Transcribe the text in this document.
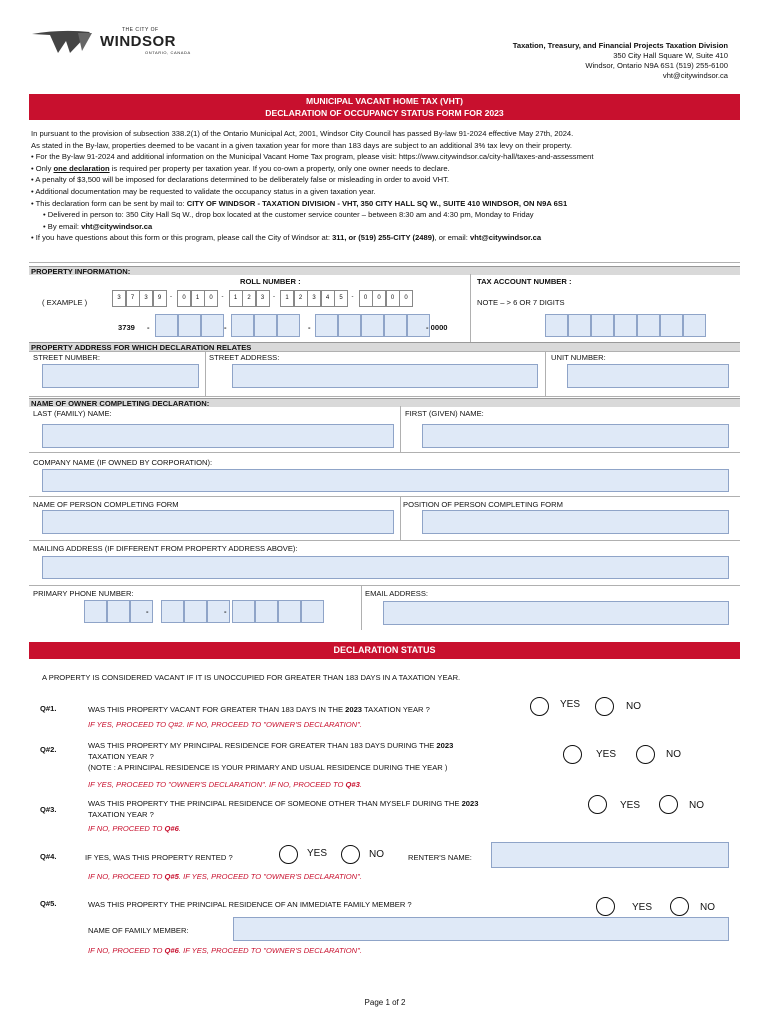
THE CITY OF
WINDSOR
ONTARIO, CANADA
Taxation, Treasury, and Financial Projects Taxation Division
350 City Hall Square W, Suite 410
Windsor, Ontario N9A 6S1 (519) 255-6100
vht@citywindsor.ca
MUNICIPAL VACANT HOME TAX (VHT)
DECLARATION OF OCCUPANCY STATUS FORM FOR 2023
In pursuant to the provision of subsection 338.2(1) of the Ontario Municipal Act, 2001, Windsor City Council has passed By-law 91-2024 effective May 27th, 2024.
As stated in the By-law, properties deemed to be vacant in a given taxation year for more than 183 days are subject to an additional 3% tax levy on their property.
• For the By-law 91-2024 and additional information on the Municipal Vacant Home Tax program, please visit: https://www.citywindsor.ca/city-hall/taxes-and-assessment
• Only one declaration is required per property per taxation year. If you co-own a property, only one owner needs to declare.
• A penalty of $3,500 will be imposed for declarations determined to be deliberately false or misleading in order to avoid VHT.
• Additional documentation may be requested to validate the occupancy status in a given taxation year.
• This declaration form can be sent by mail to: CITY OF WINDSOR - TAXATION DIVISION - VHT, 350 CITY HALL SQ W., SUITE 410 WINDSOR, ON N9A 6S1
• Delivered in person to: 350 City Hall Sq W., drop box located at the customer service counter – between 8:30 am and 4:30 pm, Monday to Friday
• By email: vht@citywindsor.ca
• If you have questions about this form or this program, please call the City of Windsor at: 311, or (519) 255-CITY (2489), or email: vht@citywindsor.ca
PROPERTY INFORMATION:
ROLL NUMBER :	TAX ACCOUNT NUMBER :
( EXAMPLE )	3	7	3	9	-	0	1	0	-	1	2	3	-	1	2	3	4	5	-	0	0	0	0	NOTE – > 6 OR 7 DIGITS
3739 -	-	-	- 0000
PROPERTY ADDRESS FOR WHICH DECLARATION RELATES
STREET NUMBER:	STREET ADDRESS:	UNIT NUMBER:
NAME OF OWNER COMPLETING DECLARATION:
LAST (FAMILY) NAME:	FIRST (GIVEN) NAME:
COMPANY NAME (IF OWNED BY CORPORATION):
NAME OF PERSON COMPLETING FORM	POSITION OF PERSON COMPLETING FORM
MAILING ADDRESS (IF DIFFERENT FROM PROPERTY ADDRESS ABOVE):
PRIMARY PHONE NUMBER:	EMAIL ADDRESS:
-	-
DECLARATION STATUS
A PROPERTY IS CONSIDERED VACANT IF IT IS UNOCCUPIED FOR GREATER THAN 183 DAYS IN A TAXATION YEAR.
Q#1.	WAS THIS PROPERTY VACANT FOR GREATER THAN 183 DAYS IN THE 2023 TAXATION YEAR ?	YES	NO
IF YES, PROCEED TO Q#2. IF NO, PROCEED TO "OWNER'S DECLARATION".
Q#2.	WAS THIS PROPERTY MY PRINCIPAL RESIDENCE FOR GREATER THAN 183 DAYS DURING THE 2023
TAXATION YEAR ?
(NOTE : A PRINCIPAL RESIDENCE IS YOUR PRIMARY AND USUAL RESIDENCE DURING THE YEAR )
YES	NO
IF YES, PROCEED TO "OWNER'S DECLARATION". IF NO, PROCEED TO Q#3.
Q#3.
WAS THIS PROPERTY THE PRINCIPAL RESIDENCE OF SOMEONE OTHER THAN MYSELF DURING THE 2023
TAXATION YEAR ?
YES	NO
IF NO, PROCEED TO Q#6.
Q#4.	IF YES, WAS THIS PROPERTY RENTED ?	YES	NO	RENTER'S NAME:
IF NO, PROCEED TO Q#5. IF YES, PROCEED TO "OWNER'S DECLARATION".
Q#5.	WAS THIS PROPERTY THE PRINCIPAL RESIDENCE OF AN IMMEDIATE FAMILY MEMBER ?	YES	NO
NAME OF FAMILY MEMBER:
IF NO, PROCEED TO Q#6. IF YES, PROCEED TO "OWNER'S DECLARATION".
Page 1 of 2
